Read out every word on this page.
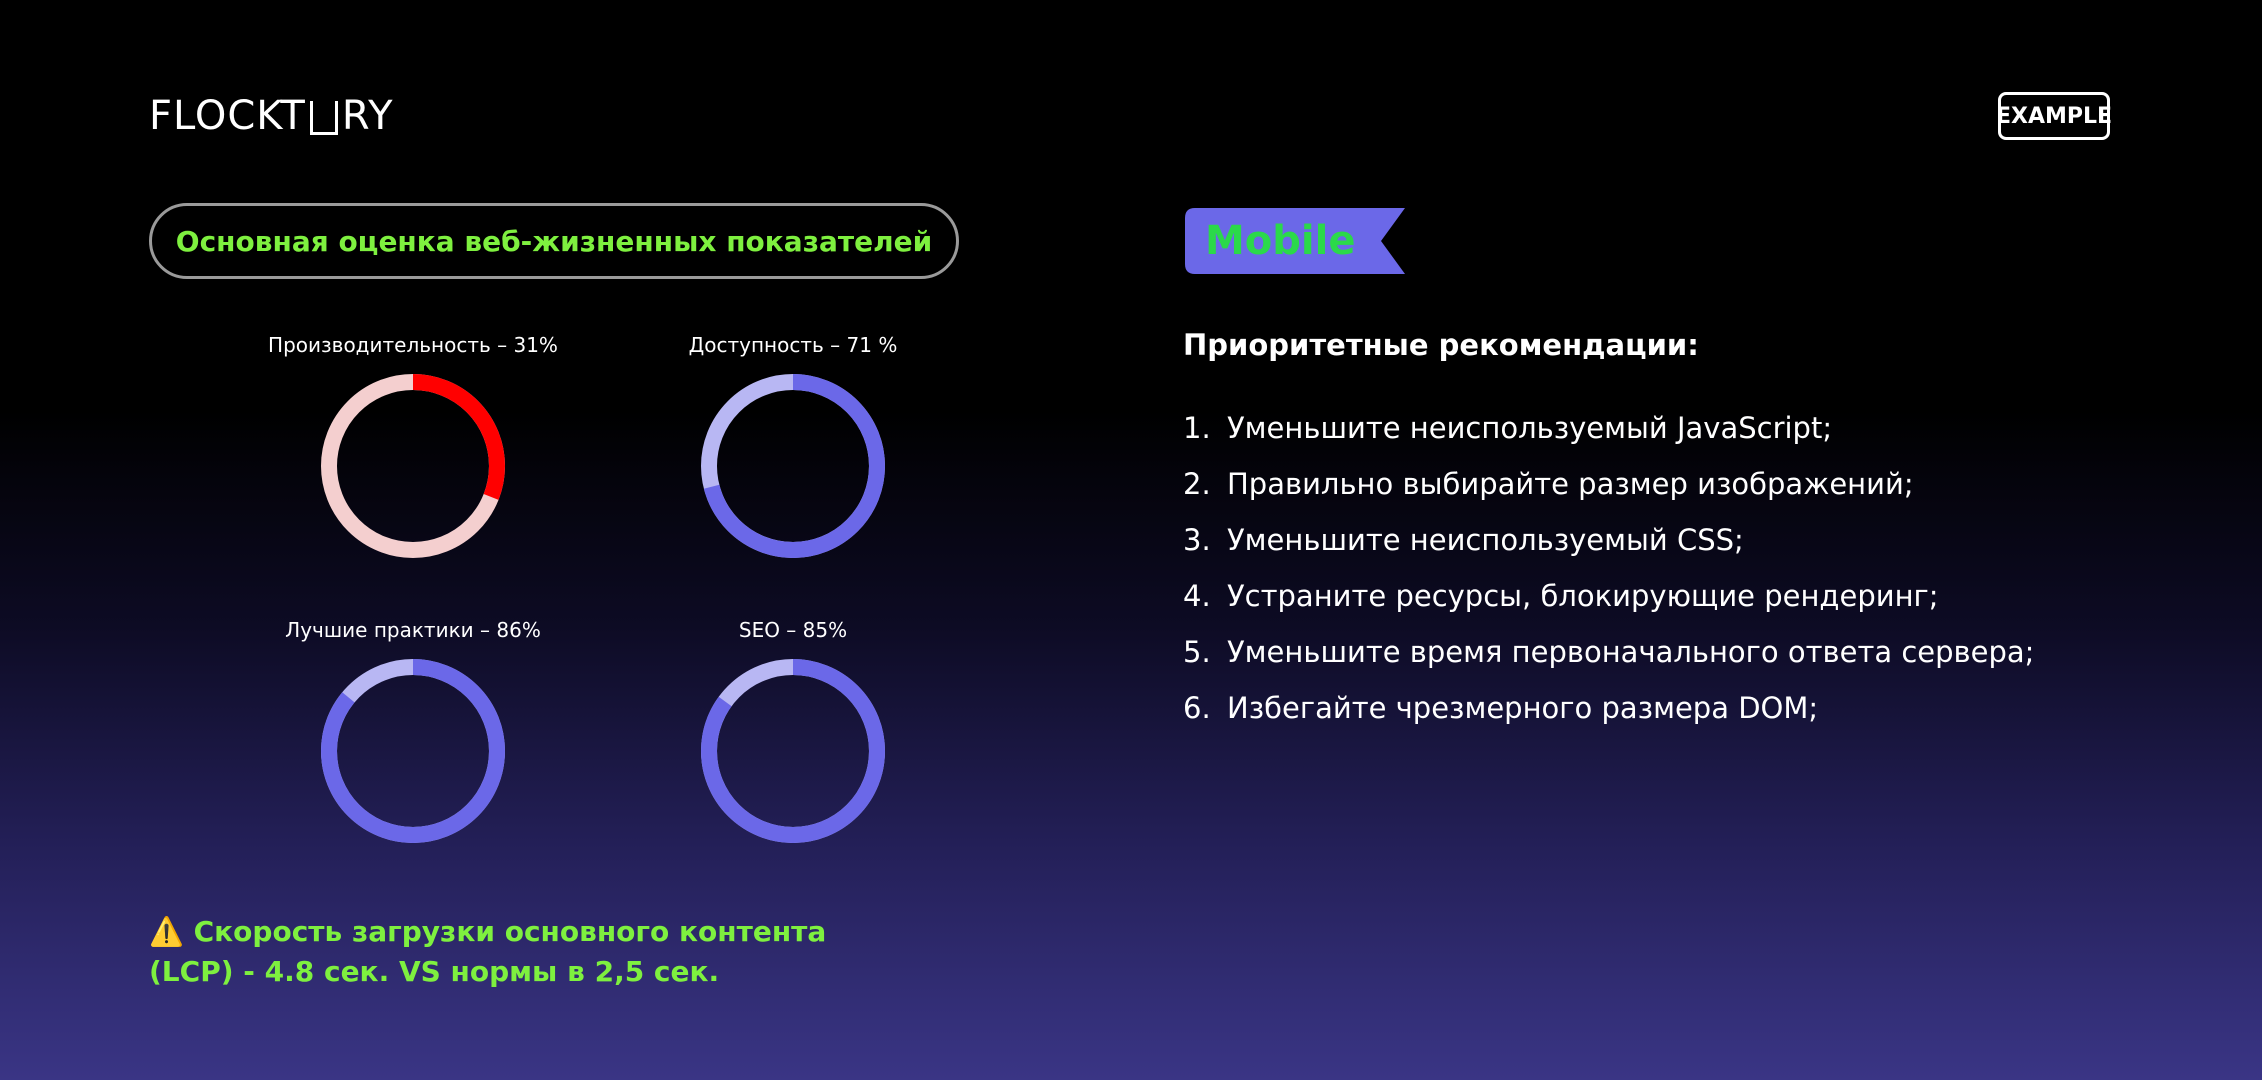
FLOCKT RY	EXAMPLE
Основная оценка веб-жизненных показателей
Производительность – 31%	Доступность – 71 %
Лучшие практики – 86%	SEO – 85%
Mobile
Приоритетные рекомендации:
1. Уменьшите неиспользуемый JavaScript;
2. Правильно выбирайте размер изображений;
3. Уменьшите неиспользуемый CSS;
4. Устраните ресурсы, блокирующие рендеринг;
5. Уменьшите время первоначального ответа сервера;
6. Избегайте чрезмерного размера DOM;
⚠️ Скорость загрузки основного контента
(LCP) - 4.8 сек. VS нормы в 2,5 сек.
